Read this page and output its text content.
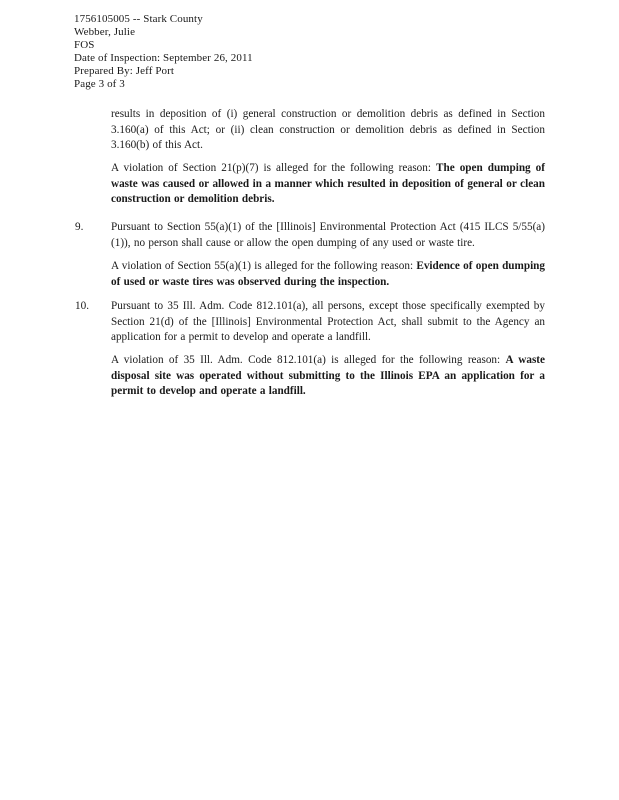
1756105005 -- Stark County
Webber, Julie
FOS
Date of Inspection: September 26, 2011
Prepared By: Jeff Port
Page 3 of 3
results in deposition of (i) general construction or demolition debris as defined in Section 3.160(a) of this Act; or (ii) clean construction or demolition debris as defined in Section 3.160(b) of this Act.
A violation of Section 21(p)(7) is alleged for the following reason: The open dumping of waste was caused or allowed in a manner which resulted in deposition of general or clean construction or demolition debris.
9. Pursuant to Section 55(a)(1) of the [Illinois] Environmental Protection Act (415 ILCS 5/55(a)(1)), no person shall cause or allow the open dumping of any used or waste tire.
A violation of Section 55(a)(1) is alleged for the following reason: Evidence of open dumping of used or waste tires was observed during the inspection.
10. Pursuant to 35 Ill. Adm. Code 812.101(a), all persons, except those specifically exempted by Section 21(d) of the [Illinois] Environmental Protection Act, shall submit to the Agency an application for a permit to develop and operate a landfill.
A violation of 35 Ill. Adm. Code 812.101(a) is alleged for the following reason: A waste disposal site was operated without submitting to the Illinois EPA an application for a permit to develop and operate a landfill.
